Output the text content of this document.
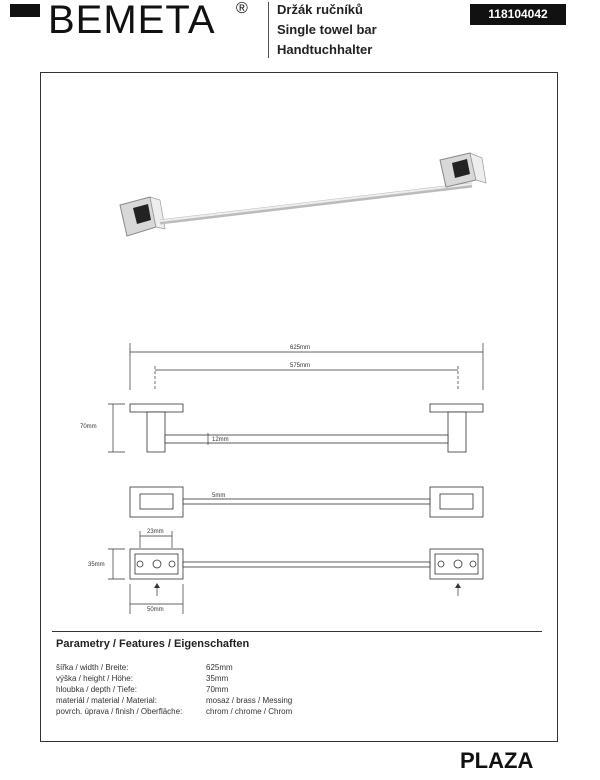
BEMETA ® Držák ručníků
Single towel bar
Handtuchhalter
118104042
625mm
575mm
70mm
12mm
5mm
23mm
35mm
50mm
Parametry / Features / Eigenschaften
šířka / width / Breite:	625mm
výška / height / Höhe:	35mm
hloubka / depth / Tiefe:	70mm
materiál / material / Material:	mosaz / brass / Messing
povrch. úprava / finish / Oberfläche:	chrom / chrome / Chrom
PLAZA
